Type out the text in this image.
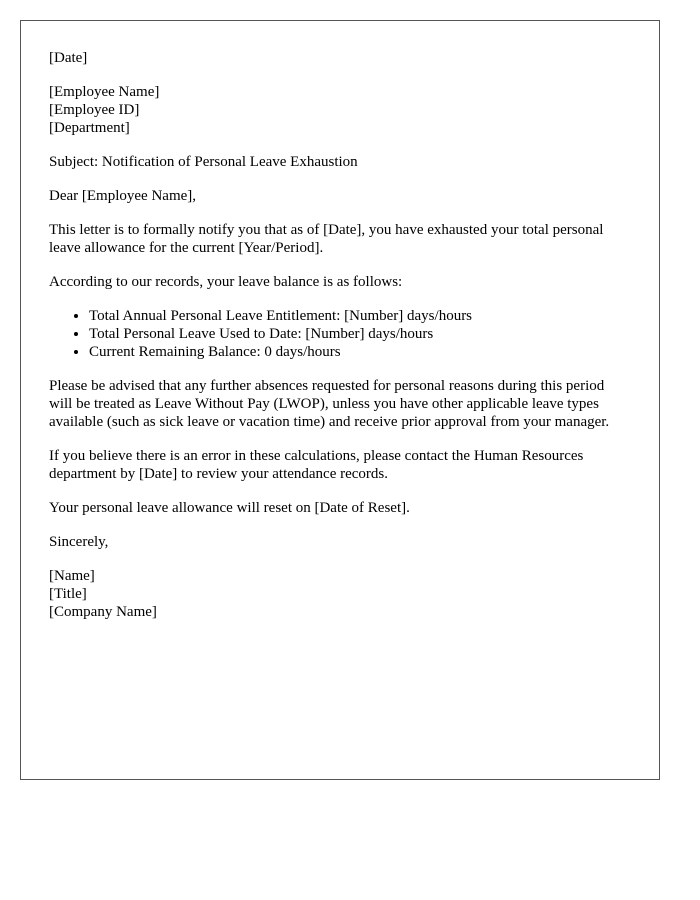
[Date]

[Employee Name]
[Employee ID]
[Department]

Subject: Notification of Personal Leave Exhaustion

Dear [Employee Name],

This letter is to formally notify you that as of [Date], you have exhausted your total personal leave allowance for the current [Year/Period].

According to our records, your leave balance is as follows:

• Total Annual Personal Leave Entitlement: [Number] days/hours
• Total Personal Leave Used to Date: [Number] days/hours
• Current Remaining Balance: 0 days/hours

Please be advised that any further absences requested for personal reasons during this period will be treated as Leave Without Pay (LWOP), unless you have other applicable leave types available (such as sick leave or vacation time) and receive prior approval from your manager.

If you believe there is an error in these calculations, please contact the Human Resources department by [Date] to review your attendance records.

Your personal leave allowance will reset on [Date of Reset].

Sincerely,

[Name]
[Title]
[Company Name]
